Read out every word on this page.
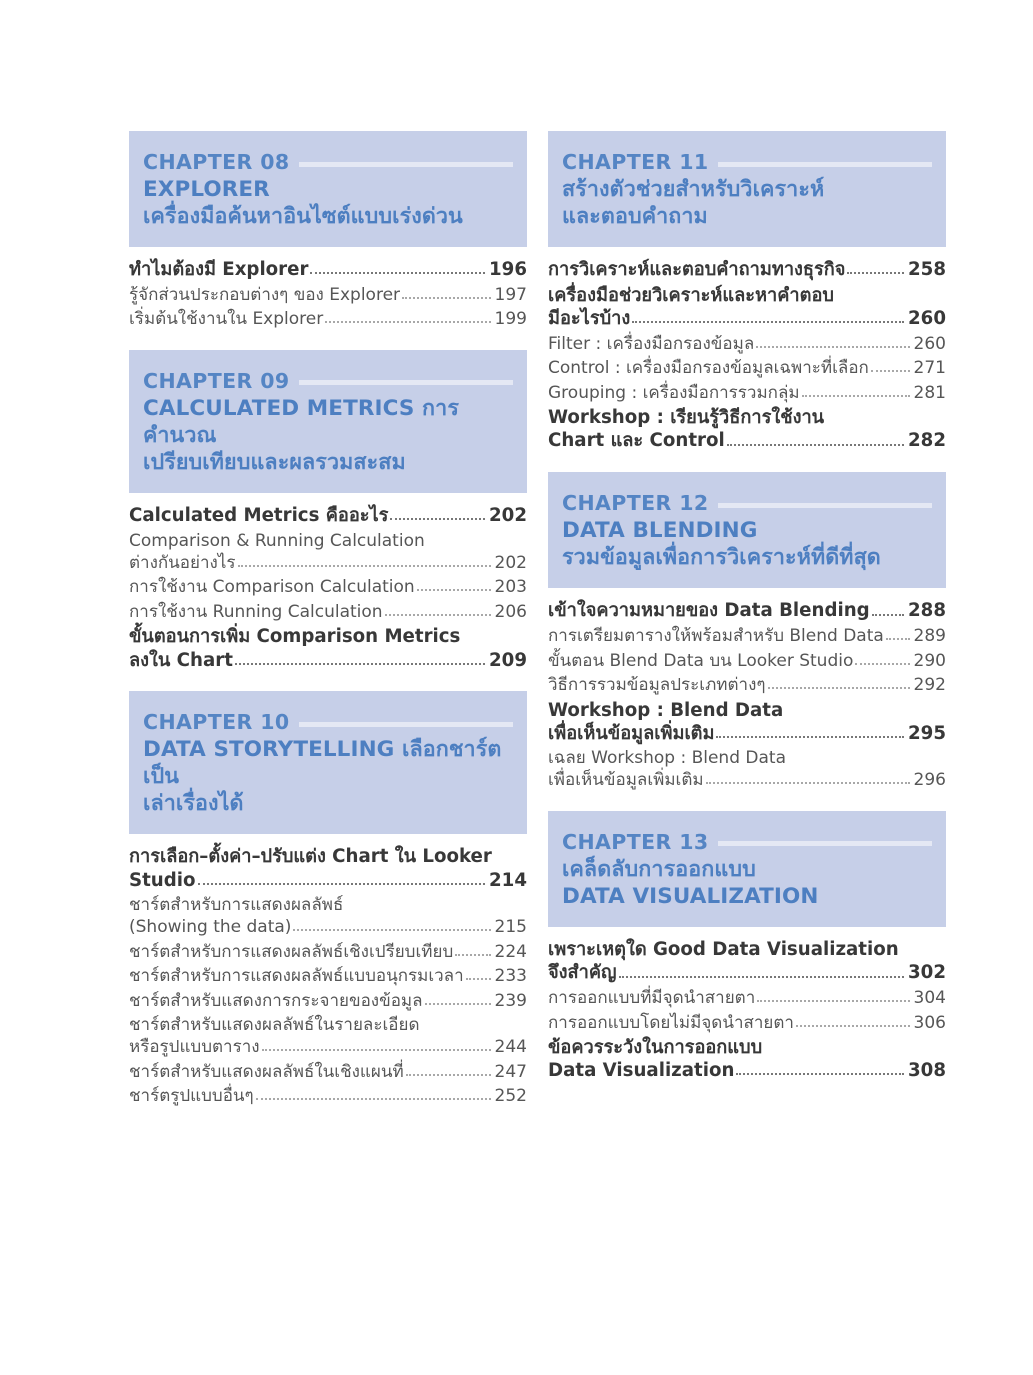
CHAPTER 08
EXPLORER
เครื่องมือค้นหาอินไซต์แบบเร่งด่วน
ทำไมต้องมี Explorer	196
รู้จักส่วนประกอบต่างๆ ของ Explorer	197
เริ่มต้นใช้งานใน Explorer	199
CHAPTER 09
CALCULATED METRICS การคำนวณ
เปรียบเทียบและผลรวมสะสม
Calculated Metrics คืออะไร	202
Comparison & Running Calculation
ต่างกันอย่างไร	202
การใช้งาน Comparison Calculation	203
การใช้งาน Running Calculation	206
ขั้นตอนการเพิ่ม Comparison Metrics
ลงใน Chart	209
CHAPTER 10
DATA STORYTELLING เลือกชาร์ตเป็น
เล่าเรื่องได้
การเลือก–ตั้งค่า–ปรับแต่ง Chart ใน Looker
Studio	214
ชาร์ตสำหรับการแสดงผลลัพธ์
(Showing the data)	215
ชาร์ตสำหรับการแสดงผลลัพธ์เชิงเปรียบเทียบ 224
ชาร์ตสำหรับการแสดงผลลัพธ์แบบอนุกรมเวลา 233
ชาร์ตสำหรับแสดงการกระจายของข้อมูล	239
ชาร์ตสำหรับแสดงผลลัพธ์ในรายละเอียด
หรือรูปแบบตาราง	244
ชาร์ตสำหรับแสดงผลลัพธ์ในเชิงแผนที่	247
ชาร์ตรูปแบบอื่นๆ	252
CHAPTER 11
สร้างตัวช่วยสำหรับวิเคราะห์
และตอบคำถาม
การวิเคราะห์และตอบคำถามทางธุรกิจ	258
เครื่องมือช่วยวิเคราะห์และหาคำตอบ
มีอะไรบ้าง	260
Filter : เครื่องมือกรองข้อมูล	260
Control : เครื่องมือกรองข้อมูลเฉพาะที่เลือก	271
Grouping : เครื่องมือการรวมกลุ่ม	281
Workshop : เรียนรู้วิธีการใช้งาน
Chart และ Control	282
CHAPTER 12
DATA BLENDING
รวมข้อมูลเพื่อการวิเคราะห์ที่ดีที่สุด
เข้าใจความหมายของ Data Blending 288
การเตรียมตารางให้พร้อมสำหรับ Blend Data 289
ขั้นตอน Blend Data บน Looker Studio	290
วิธีการรวมข้อมูลประเภทต่างๆ	292
Workshop : Blend Data
เพื่อเห็นข้อมูลเพิ่มเติม	295
เฉลย Workshop : Blend Data
เพื่อเห็นข้อมูลเพิ่มเติม	296
CHAPTER 13
เคล็ดลับการออกแบบ
DATA VISUALIZATION
เพราะเหตุใด Good Data Visualization
จึงสำคัญ	302
การออกแบบที่มีจุดนำสายตา	304
การออกแบบโดยไม่มีจุดนำสายตา	306
ข้อควรระวังในการออกแบบ
Data Visualization	308
